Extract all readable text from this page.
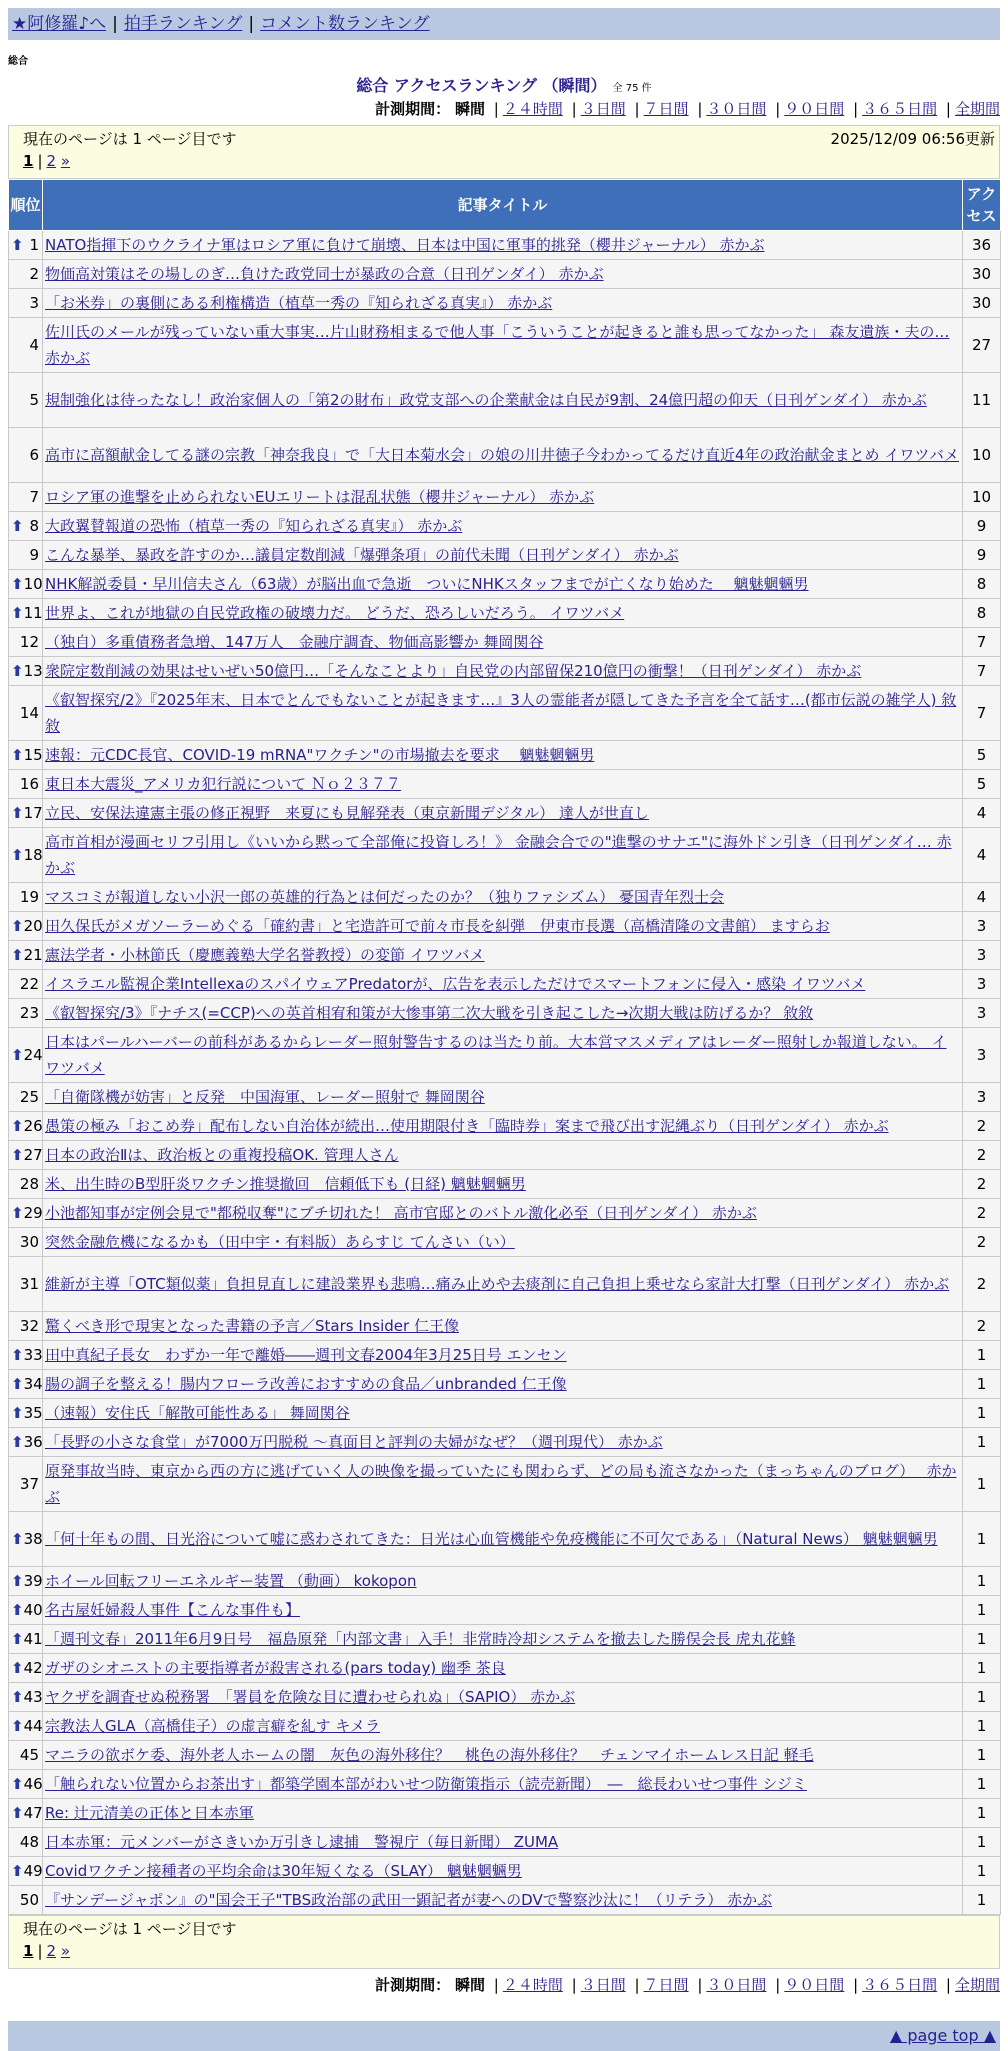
★阿修羅♪へ | 拍手ランキング | コメント数ランキング
総合
総合 アクセスランキング （瞬間） 全 75 件
計測期間： 瞬間 | ２４時間 | ３日間 | ７日間 | ３０日間 | ９０日間 | ３６５日間 | 全期間
現在のページは 1 ページ目です	2025/12/09 06:56更新
1 | 2 »
順位	記事タイトル	アクセス

⬆ 1	NATO指揮下のウクライナ軍はロシア軍に負けて崩壊、日本は中国に軍事的挑発（櫻井ジャーナル） 赤かぶ	36
2	物価高対策はその場しのぎ…負けた政党同士が暴政の合意（日刊ゲンダイ） 赤かぶ	30
3	「お米券」の裏側にある利権構造（植草一秀の『知られざる真実』） 赤かぶ	30
4	佐川氏のメールが残っていない重大事実…片山財務相まるで他人事「こういうことが起きると誰も思ってなかった」 森友遺族・夫の… 赤かぶ	27
5	規制強化は待ったなし！政治家個人の「第2の財布」政党支部への企業献金は自民が9割、24億円超の仰天（日刊ゲンダイ） 赤かぶ	11
6	高市に高額献金してる謎の宗教「神奈我良」で「大日本菊水会」の娘の川井徳子今わかってるだけ直近4年の政治献金まとめ イワツバメ	10
7	ロシア軍の進撃を止められないEUエリートは混乱状態（櫻井ジャーナル） 赤かぶ	10

⬆ 8	大政翼賛報道の恐怖（植草一秀の『知られざる真実』） 赤かぶ	9
9	こんな暴挙、暴政を許すのか…議員定数削減「爆弾条項」の前代未聞（日刊ゲンダイ） 赤かぶ	9

⬆ 10	NHK解説委員・早川信夫さん（63歳）が脳出血で急逝　ついにNHKスタッフまでが亡くなり始めた　 魑魅魍魎男	8

⬆ 11	世界よ、これが地獄の自民党政権の破壊力だ。 どうだ、恐ろしいだろう。 イワツバメ	8
12	（独自）多重債務者急増、147万人　金融庁調査、物価高影響か 舞岡関谷	7

⬆ 13	衆院定数削減の効果はせいぜい50億円…「そんなことより」自民党の内部留保210億円の衝撃！（日刊ゲンダイ） 赤かぶ	7
14	《叡智探究/2》『2025年末、日本でとんでもないことが起きます…』3人の霊能者が隠してきた予言を全て話す…(都市伝説の雑学人) 敘敘	7

⬆ 15	速報：元CDC長官、COVID-19 mRNA"ワクチン"の市場撤去を要求　 魑魅魍魎男	5
16	東日本大震災_アメリカ犯行説について Ｎｏ２３７７	5

⬆ 17	立民、安保法違憲主張の修正視野　来夏にも見解発表（東京新聞デジタル） 達人が世直し	4

⬆ 18	高市首相が漫画セリフ引用し《いいから黙って全部俺に投資しろ！》 金融会合での"進撃のサナエ"に海外ドン引き（日刊ゲンダイ… 赤かぶ	4
19	マスコミが報道しない小沢一郎の英雄的行為とは何だったのか？（独りファシズム） 憂国青年烈士会	4

⬆ 20	田久保氏がメガソーラーめぐる「確約書」と宅造許可で前々市長を糾弾　伊東市長選（高橋清隆の文書館） ますらお	3

⬆ 21	憲法学者・小林節氏（慶應義塾大学名誉教授）の変節 イワツバメ	3
22	イスラエル監視企業IntellexaのスパイウェアPredatorが、広告を表示しただけでスマートフォンに侵入・感染 イワツバメ	3
23	《叡智探究/3》『ナチス(=CCP)への英首相宥和策が大惨事第二次大戦を引き起こした→次期大戦は防げるか？ 敘敘	3

⬆ 24	日本はパールハーバーの前科があるからレーダー照射警告するのは当たり前。大本営マスメディアはレーダー照射しか報道しない。 イワツバメ	3
25	「自衛隊機が妨害」と反発　中国海軍、レーダー照射で 舞岡関谷	3

⬆ 26	愚策の極み「おこめ券」配布しない自治体が続出…使用期限付き「臨時券」案まで飛び出す泥縄ぶり（日刊ゲンダイ） 赤かぶ	2

⬆ 27	日本の政治Ⅱは、政治板との重複投稿OK. 管理人さん	2
28	米、出生時のB型肝炎ワクチン推奨撤回　信頼低下も (日経) 魑魅魍魎男	2

⬆ 29	小池都知事が定例会見で"都税収奪"にブチ切れた！ 高市官邸とのバトル激化必至（日刊ゲンダイ） 赤かぶ	2
30	突然金融危機になるかも（田中宇・有料版）あらすじ てんさい（い）	2
31	維新が主導「OTC類似薬」負担見直しに建設業界も悲鳴…痛み止めや去痰剤に自己負担上乗せなら家計大打撃（日刊ゲンダイ） 赤かぶ	2
32	驚くべき形で現実となった書籍の予言／Stars Insider 仁王像	2

⬆ 33	田中真紀子長女　わずか一年で離婚――週刊文春2004年3月25日号 エンセン	1

⬆ 34	腸の調子を整える！腸内フローラ改善におすすめの食品／unbranded 仁王像	1

⬆ 35	（速報）安住氏「解散可能性ある」 舞岡関谷	1

⬆ 36	「長野の小さな食堂」が7000万円脱税 〜真面目と評判の夫婦がなぜ？（週刊現代） 赤かぶ	1
37	原発事故当時、東京から西の方に逃げていく人の映像を撮っていたにも関わらず、どの局も流さなかった（まっちゃんのブログ）　 赤かぶ	1

⬆ 38	「何十年もの間、日光浴について嘘に惑わされてきた：日光は心血管機能や免疫機能に不可欠である」（Natural News） 魑魅魍魎男	1

⬆ 39	ホイール回転フリーエネルギー装置 （動画） kokopon	1

⬆ 40	名古屋妊婦殺人事件【こんな事件も】	1

⬆ 41	「週刊文春」2011年6月9日号　福島原発「内部文書」入手！非常時冷却システムを撤去した勝俣会長 虎丸花蜂	1

⬆ 42	ガザのシオニストの主要指導者が殺害される(pars today) 幽季 茶良	1

⬆ 43	ヤクザを調査せぬ税務署　「署員を危険な目に遭わせられぬ」（SAPIO） 赤かぶ	1

⬆ 44	宗教法人GLA（高橋佳子）の虚言癖を糺す キメラ	1
45	マニラの欲ボケ委、海外老人ホームの闇　灰色の海外移住？　桃色の海外移住？　チェンマイホームレス日記 軽毛	1

⬆ 46	「触られない位置からお茶出す」都築学園本部がわいせつ防衛策指示（読売新聞）　―　総長わいせつ事件 シジミ	1

⬆ 47	Re: 辻元清美の正体と日本赤軍	1
48	日本赤軍：元メンバーがさきいか万引きし逮捕　警視庁（毎日新聞） ZUMA	1

⬆ 49	Covidワクチン接種者の平均余命は30年短くなる（SLAY） 魑魅魍魎男	1
50	『サンデージャポン』の"国会王子"TBS政治部の武田一顕記者が妻へのDVで警察沙汰に！（リテラ） 赤かぶ	1
現在のページは 1 ページ目です
1 | 2 »
計測期間： 瞬間 | ２４時間 | ３日間 | ７日間 | ３０日間 | ９０日間 | ３６５日間 | 全期間
▲ page top ▲
